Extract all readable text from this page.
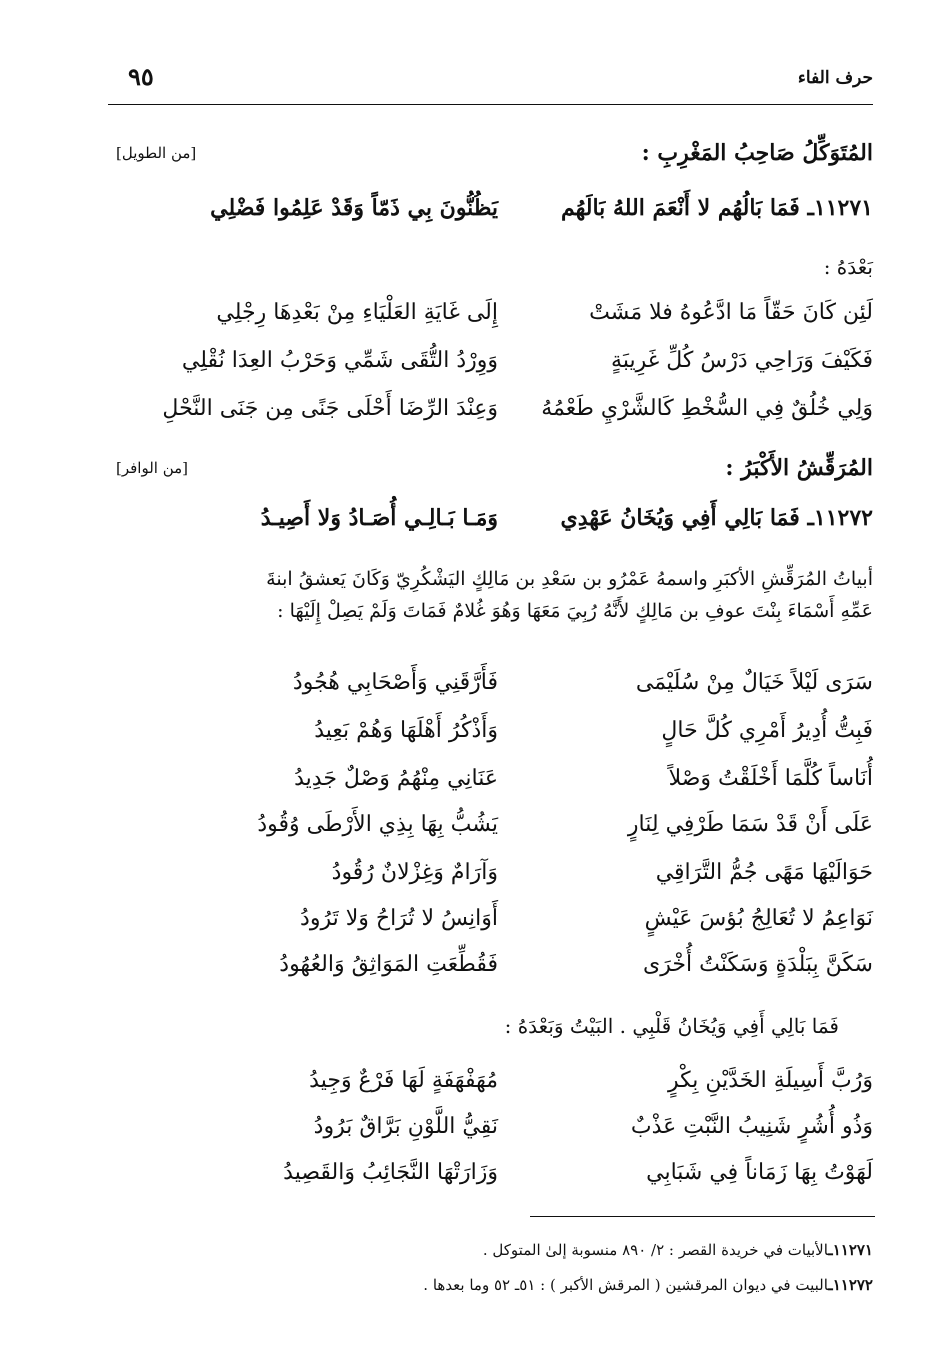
حرف الفاء
٩٥
المُتَوَكِّلُ صَاحِبُ المَغْرِبِ :
[من الطويل]
١١٢٧١ـ فَمَا بَالُهُم لا أَنْعَمَ اللهُ بَالَهُم
يَظُنُّونَ بِي ذَمّاً وَقَدْ عَلِمُوا فَضْلِي
بَعْدَهُ :
لَئِن كَانَ حَقّاً مَا ادَّعُوهُ فلا مَشَتْ
إِلَى غَايَةِ العَلْيَاءِ مِنْ بَعْدِهَا رِجْلِي
فَكَيْفَ وَرَاحِي دَرْسُ كُلِّ غَرِيبَةٍ
وَوِرْدُ التُّقَى شَمِّي وَحَرْبُ العِدَا نُقْلِي
وَلِي خُلُقٌ فِي السُّخْطِ كَالشَّرْيِ طَعْمُهُ
وَعِنْدَ الرِّضَا أَحْلَى جَنًى مِن جَنَى النَّحْلِ
المُرَقِّشُ الأَكْبَرُ :
[من الوافر]
١١٢٧٢ـ فَمَا بَالِي أَفِي وَيُخَانُ عَهْدِي
وَمَـا بَـالِـي أُصَـادُ وَلا أَصِيـدُ
أبياتُ المُرَقِّشِ الأكبَرِ واسمهُ عَمْرُو بن سَعْدِ بن مَالِكٍ اليَشْكُرِيّ وَكَانَ يَعشقُ ابنةَ
عَمِّهِ أَسْمَاءَ بِنْتَ عوفِ بن مَالِكٍ لأَنَّهُ رُبِيَ مَعَهَا وَهُوَ غُلامٌ فَمَاتَ وَلَمْ يَصِلْ إِلَيْهَا :
سَرَى لَيْلاً خَيَالٌ مِنْ سُلَيْمَى
فَأَرَّقَنِي وَأَصْحَابِي هُجُودُ
فَبِتُّ أُدِيرُ أَمْرِي كُلَّ حَالٍ
وَأَذْكُرُ أَهْلَهَا وَهُمْ بَعِيدُ
أُنَاساً كُلَّمَا أَخْلَقْتُ وَصْلاً
عَنَانِي مِنْهُمُ وَصْلٌ جَدِيدُ
عَلَى أَنْ قَدْ سَمَا طَرْفِي لِنَارٍ
يَشُبُّ بِهَا بِذِي الأَرْطَى وُقُودُ
حَوَالَيْهَا مَهًى جُمُّ التَّرَاقِي
وَآرَامٌ وَغِزْلانٌ رُقُودُ
نَوَاعِمُ لا تُعَالِجُ بُؤسَ عَيْشٍ
أَوَانِسُ لا تُرَاحُ وَلا تَرُودُ
سَكَنَّ بِبَلْدَةٍ وَسَكَنْتُ أُخْرَى
فَقُطِّعَتِ المَوَاثِقُ وَالعُهُودُ
فَمَا بَالِي أَفِي وَيُخَانُ قَلْبِي . البَيْتُ وَبَعْدَهُ :
وَرُبَّ أَسِيلَةِ الخَدَّيْنِ بِكْرٍ
مُهَفْهَفَةٍ لَهَا فَرْعٌ وَجِيدُ
وَذُو أُشُرٍ شَنِيبُ النَّبْتِ عَذْبٌ
نَقِيُّ اللَّوْنِ بَرَّاقٌ بَرُودُ
لَهَوْتُ بِهَا زَمَاناً فِي شَبَابِي
وَزَارَتْهَا النَّجَائِبُ وَالقَصِيدُ
١١٢٧١ـالأبيات في خريدة القصر : ٢/ ٨٩٠ منسوبة إلىٰ المتوكل .
١١٢٧٢ـالبيت في ديوان المرقشين ( المرقش الأكبر ) : ٥١ـ ٥٢ وما بعدها .
